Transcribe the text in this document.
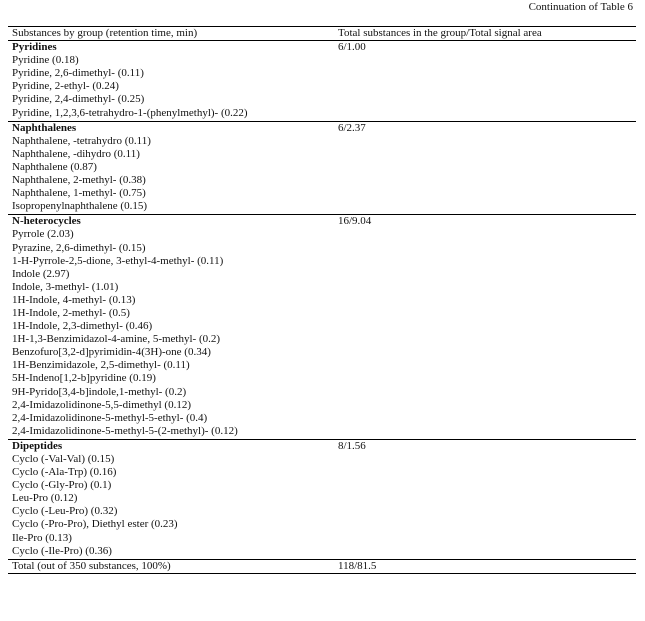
Continuation of Table 6
Substances by group (retention time, min)	Total substances in the group/Total signal area
Pyridines
Pyridine (0.18)
Pyridine, 2,6-dimethyl- (0.11)
Pyridine, 2-ethyl- (0.24)
Pyridine, 2,4-dimethyl- (0.25)
Pyridine, 1,2,3,6-tetrahydro-1-(phenylmethyl)- (0.22)
6/1.00
Naphthalenes
Naphthalene, -tetrahydro (0.11)
Naphthalene, -dihydro (0.11)
Naphthalene (0.87)
Naphthalene, 2-methyl- (0.38)
Naphthalene, 1-methyl- (0.75)
Isopropenylnaphthalene (0.15)
6/2.37
N-heterocycles
Pyrrole (2.03)
Pyrazine, 2,6-dimethyl- (0.15)
1-H-Pyrrole-2,5-dione, 3-ethyl-4-methyl- (0.11)
Indole (2.97)
Indole, 3-methyl- (1.01)
1H-Indole, 4-methyl- (0.13)
1H-Indole, 2-methyl- (0.5)
1H-Indole, 2,3-dimethyl- (0.46)
1H-1,3-Benzimidazol-4-amine, 5-methyl- (0.2)
Benzofuro[3,2-d]pyrimidin-4(3H)-one (0.34)
1H-Benzimidazole, 2,5-dimethyl- (0.11)
5H-Indeno[1,2-b]pyridine (0.19)
9H-Pyrido[3,4-b]indole,1-methyl- (0.2)
2,4-Imidazolidinone-5,5-dimethyl (0.12)
2,4-Imidazolidinone-5-methyl-5-ethyl- (0.4)
2,4-Imidazolidinone-5-methyl-5-(2-methyl)- (0.12)
16/9.04
Dipeptides
Cyclo (-Val-Val) (0.15)
Cyclo (-Ala-Trp) (0.16)
Cyclo (-Gly-Pro) (0.1)
Leu-Pro (0.12)
Cyclo (-Leu-Pro) (0.32)
Cyclo (-Pro-Pro), Diethyl ester (0.23)
Ile-Pro (0.13)
Cyclo (-Ile-Pro) (0.36)
8/1.56
Total (out of 350 substances, 100%)	118/81.5
